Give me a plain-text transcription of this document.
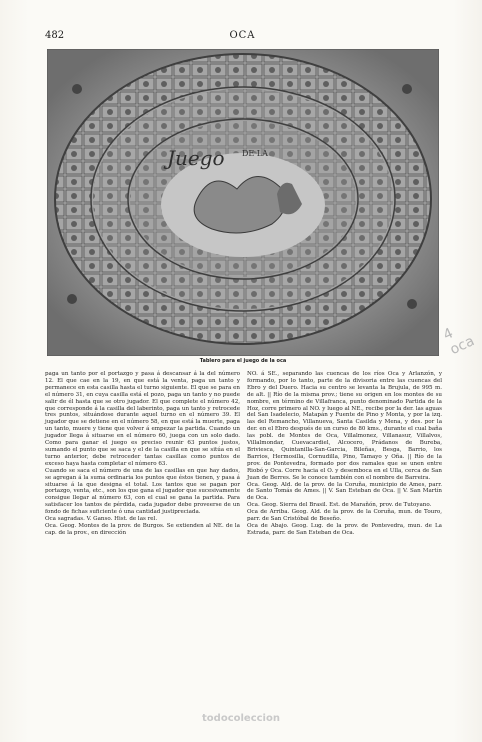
482	OCA
Juego DE LA
Tablero para el juego de la oca

paga un tanto por el portazgo y pasa á descansar á la del número 12. El que cae en la 19, en que está la venta, paga un tanto y permanece en esta casilla hasta el turno siguiente. El que se para en el número 31, en cuya casilla está el pozo, paga un tanto y no puede salir de él hasta que se otro jugador. El que complete el número 42, que corresponde á la casilla del laberinto, paga un tanto y retrocede tres puntos, situándose durante aquel turno en el número 39. El jugador que se detiene en el número 58, en que está la muerte, paga un tanto, muere y tiene que volver á empezar la partida. Cuando un jugador llega á situarse en el número 60, juega con un solo dado. Como para ganar el juego es preciso reunir 63 puntos justos, sumando el punto que se saca y el de la casilla en que se sitúa en el turno anterior, debe retroceder tantas casillas como puntos de exceso haya hasta completar el número 63.

Cuando se saca el número de una de las casillas en que hay dados, se agregan á la suma ordinaria los puntos que éstos tienen, y pasa á situarse á la que designa el total. Los tantos que se pagan por portazgo, venta, etc., son los que gana el jugador que sucesivamente consigue llegar al número 63, con el cual se gana la partida. Para satisfacer los tantos de pérdida, cada jugador debe proveerse de un fondo de fichas suficiente ó una cantidad justipreciada.

Oca sagradas. V. Ganso. Hist. de las rel.

Oca. Geog. Montes de la prov. de Burgos. Se extienden al NE. de la cap. de la prov., en dirección

NO. á SE., separando las cuencas de los ríos Oca y Arlanzón, y formando, por lo tanto, parte de la divisoria entre las cuencas del Ebro y del Duero. Hacia su centro se levanta la Brujula, de 995 m. de alt. || Río de la misma prov.; tiene su origen en los montes de su nombre, en término de Villafranca, punto denominado Partida de la Hoz, corre primero al NO. y luego al NE., recibe por la der. las aguas del San Isadelecio, Matapán y Fuente de Pino y Monta, y por la izq. las del Remancho, Villanueva, Santa Casilda y Mena, y des. por la der. en el Ebro después de un curso de 80 kms., durante el cual baña las pobl. de Montes de Oca, Villalmonez, Villanasur, Villalvos, Villalmondar, Cuevacardiel, Alcocero, Prádanos de Bureba, Briviesca, Quintanilla-San-Garcia, Bileñas, Besga, Barrio, los Barrios, Hermosilla, Cornudilla, Pino, Tamayo y Oña. || Río de la prov. de Pontevedra, formado por dos ramales que se unen entre Riobó y Oca. Corre hacia el O. y desemboca en el Ulla, cerca de San Juan de Berres. Se le conoce también con el nombre de Barreira.

Oca. Geog. Ald. de la prov. de la Coruña, municipio de Ames, parr. de Santo Tomás de Ames. || V. San Esteban de Oca. || V. San Martín de Oca.

Oca. Geog. Sierra del Brasil. Est. de Marañón, prov. de Tutoyano.

Oca de Arriba. Geog. Ald. de la prov. de la Coruña, mun. de Touro, parr. de San Cristóbal de Beseño.

Oca de Abajo. Geog. Lug. de la prov. de Pontevedra, mun. de La Estrada, parr. de San Esteban de Oca.

4 oca
todocoleccion
